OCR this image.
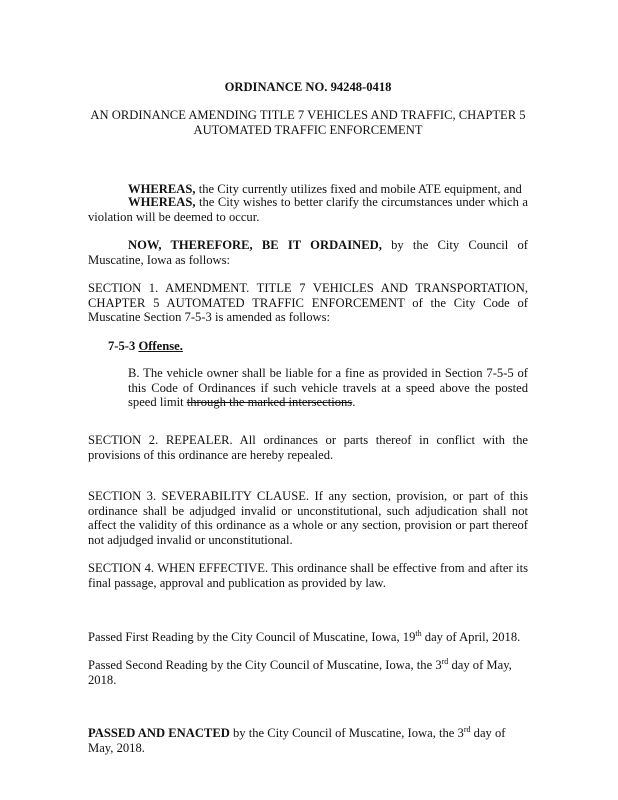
ORDINANCE NO. 94248-0418
AN ORDINANCE AMENDING TITLE 7 VEHICLES AND TRAFFIC, CHAPTER 5
AUTOMATED TRAFFIC ENFORCEMENT
WHEREAS, the City currently utilizes fixed and mobile ATE equipment, and
WHEREAS, the City wishes to better clarify the circumstances under which a violation will be deemed to occur.
NOW, THEREFORE, BE IT ORDAINED, by the City Council of Muscatine, Iowa as follows:
SECTION 1. AMENDMENT. TITLE 7 VEHICLES AND TRANSPORTATION, CHAPTER 5 AUTOMATED TRAFFIC ENFORCEMENT of the City Code of Muscatine Section 7-5-3 is amended as follows:
7-5-3 Offense.
B. The vehicle owner shall be liable for a fine as provided in Section 7-5-5 of this Code of Ordinances if such vehicle travels at a speed above the posted speed limit through the marked intersections.
SECTION 2. REPEALER. All ordinances or parts thereof in conflict with the provisions of this ordinance are hereby repealed.
SECTION 3. SEVERABILITY CLAUSE. If any section, provision, or part of this ordinance shall be adjudged invalid or unconstitutional, such adjudication shall not affect the validity of this ordinance as a whole or any section, provision or part thereof not adjudged invalid or unconstitutional.
SECTION 4. WHEN EFFECTIVE. This ordinance shall be effective from and after its final passage, approval and publication as provided by law.
Passed First Reading by the City Council of Muscatine, Iowa, 19th day of April, 2018.
Passed Second Reading by the City Council of Muscatine, Iowa, the 3rd day of May, 2018.
PASSED AND ENACTED by the City Council of Muscatine, Iowa, the 3rd day of May, 2018.
